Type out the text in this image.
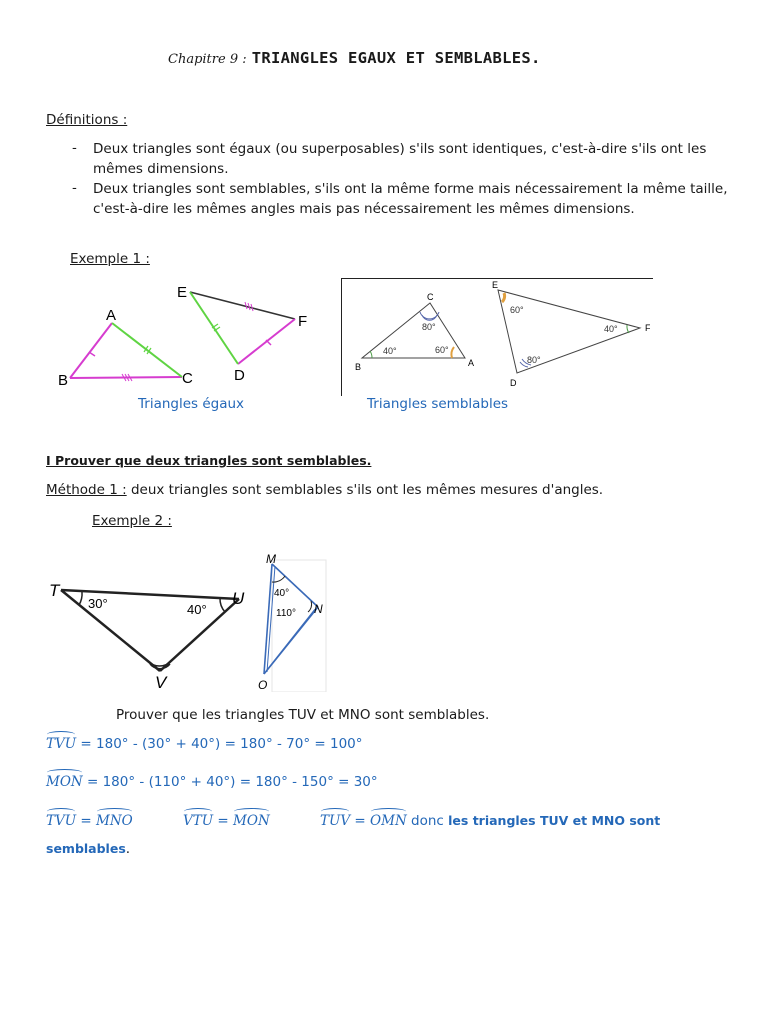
Chapitre 9 : TRIANGLES EGAUX ET SEMBLABLES.
Définitions :
- Deux triangles sont égaux (ou superposables) s'ils sont identiques, c'est-à-dire s'ils ont les
mêmes dimensions.
- Deux triangles sont semblables, s'ils ont la même forme mais nécessairement la même taille,
c'est-à-dire les mêmes angles mais pas nécessairement les mêmes dimensions.
Exemple 1 :
A
B	C
E
F
D
C
B	A
80°
40°	60°
E
F
D
60°
40°
80°
Triangles égaux	Triangles semblables
I Prouver que deux triangles sont semblables.
Méthode 1 : deux triangles sont semblables s'ils ont les mêmes mesures d'angles.
Exemple 2 :
T	U
V
30°	40°
M
N
O
40°
110°
Prouver que les triangles TUV et MNO sont semblables.
TVU = 180° - (30° + 40°) = 180° - 70° = 100°
MON = 180° - (110° + 40°) = 180° - 150° = 30°
TVU = MNO	VTU = MON	TUV = OMN donc les triangles TUV et MNO sont
semblables.
